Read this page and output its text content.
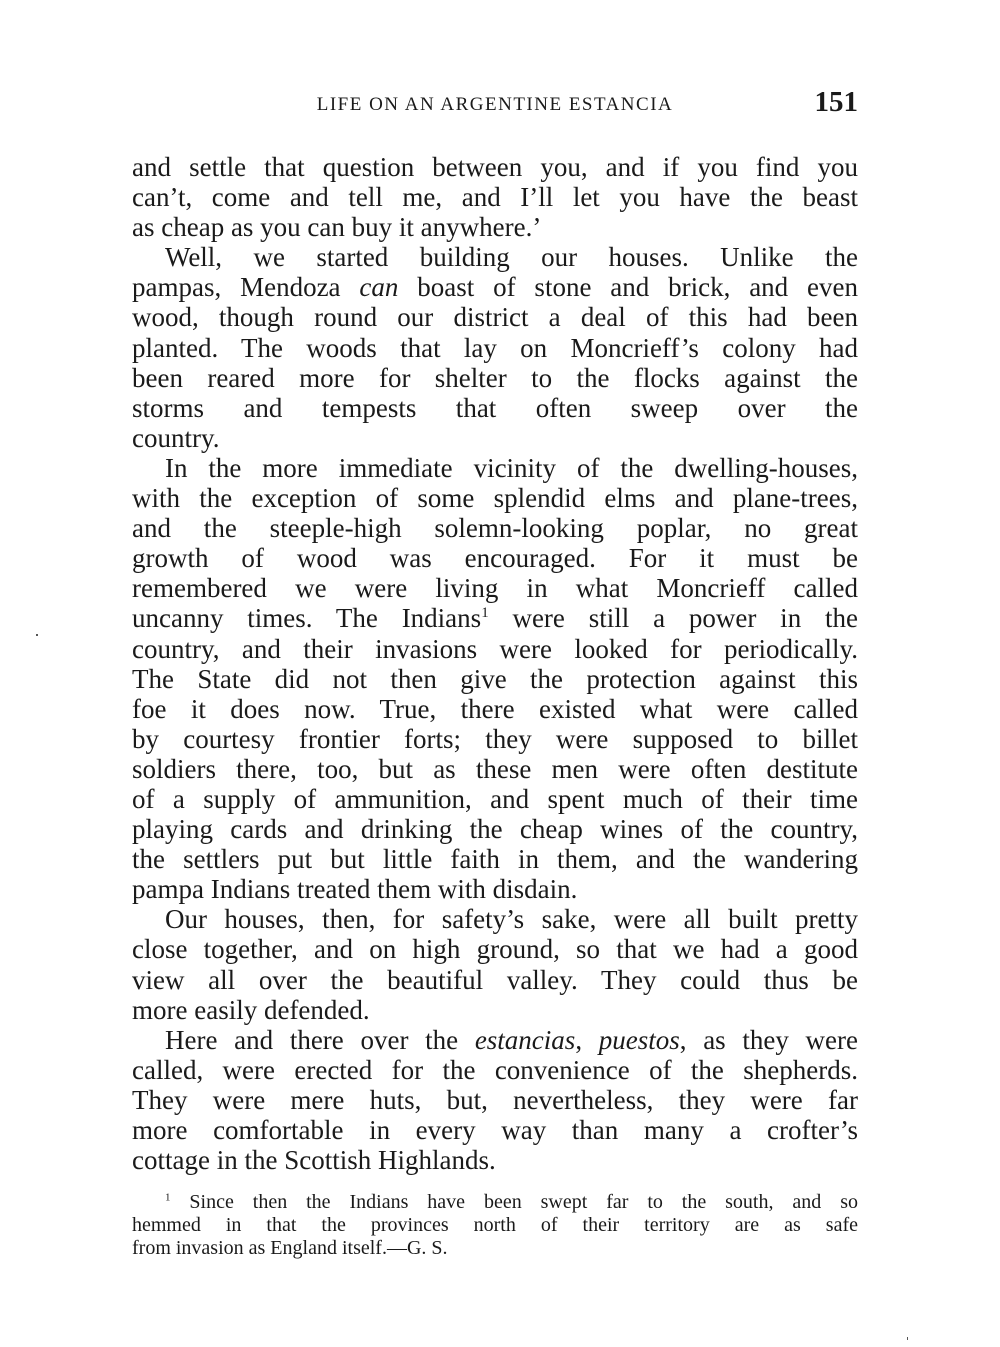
LIFE ON AN ARGENTINE ESTANCIA	151
and settle that question between you, and if you find you
can’t, come and tell me, and I’ll let you have the beast
as cheap as you can buy it anywhere.’
Well, we started building our houses. Unlike the
pampas, Mendoza can boast of stone and brick, and even
wood, though round our district a deal of this had been
planted. The woods that lay on Moncrieff’s colony had
been reared more for shelter to the flocks against the
storms and tempests that often sweep over the
country.
In the more immediate vicinity of the dwelling-houses,
with the exception of some splendid elms and plane-trees,
and the steeple-high solemn-looking poplar, no great
growth of wood was encouraged. For it must be
remembered we were living in what Moncrieff called
uncanny times. The Indians$^1$ were still a power in the
country, and their invasions were looked for periodically.
The State did not then give the protection against this
foe it does now. True, there existed what were called
by courtesy frontier forts; they were supposed to billet
soldiers there, too, but as these men were often destitute
of a supply of ammunition, and spent much of their time
playing cards and drinking the cheap wines of the country,
the settlers put but little faith in them, and the wandering
pampa Indians treated them with disdain.
Our houses, then, for safety’s sake, were all built pretty
close together, and on high ground, so that we had a good
view all over the beautiful valley. They could thus be
more easily defended.
Here and there over the estancias, puestos, as they were
called, were erected for the convenience of the shepherds.
They were mere huts, but, nevertheless, they were far
more comfortable in every way than many a crofter’s
cottage in the Scottish Highlands.
$^1$ Since then the Indians have been swept far to the south, and so
hemmed in that the provinces north of their territory are as safe
from invasion as England itself.—G. S.
